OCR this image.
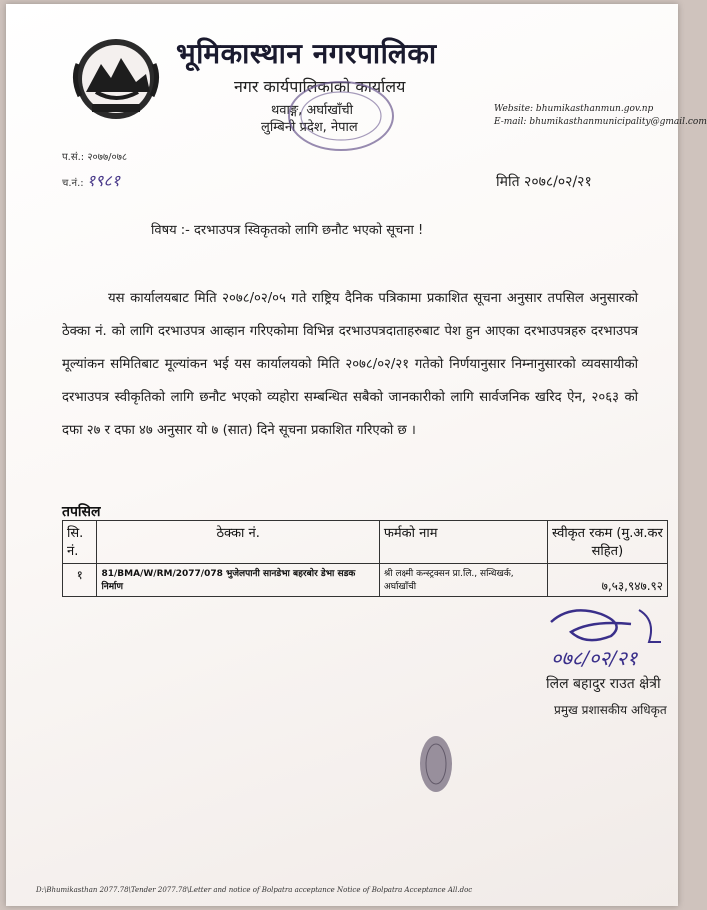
भूमिकास्थान नगरपालिका
नगर कार्यपालिकाको कार्यालय
थवाङ्ग, अर्घाखाँची
लुम्बिनी प्रदेश, नेपाल
Website: bhumikasthanmun.gov.np
E-mail: bhumikasthanmunicipality@gmail.com
प.सं.: २०७७/०७८
च.नं.: १९८१	मिति २०७८/०२/२१
विषय :- दरभाउपत्र स्विकृतको लागि छनौट भएको सूचना !
यस कार्यालयबाट मिति २०७८/०२/०५ गते राष्ट्रिय दैनिक पत्रिकामा प्रकाशित सूचना अनुसार तपसिल अनुसारको ठेक्का नं. को लागि दरभाउपत्र आव्हान गरिएकोमा विभिन्न दरभाउपत्रदाताहरुबाट पेश हुन आएका दरभाउपत्रहरु दरभाउपत्र मूल्यांकन समितिबाट मूल्यांकन भई यस कार्यालयको मिति २०७८/०२/२१ गतेको निर्णयानुसार निम्नानुसारको व्यवसायीको दरभाउपत्र स्वीकृतिको लागि छनौट भएको व्यहोरा सम्बन्धित सबैको जानकारीको लागि सार्वजनिक खरिद ऐन, २०६३ को दफा २७ र दफा ४७ अनुसार यो ७ (सात) दिने सूचना प्रकाशित गरिएको छ ।
तपसिल
सि. नं.	ठेक्का नं.	फर्मको नाम	स्वीकृत रकम (मु.अ.कर सहित)
१	81/BMA/W/RM/2077/078 भुजेलपानी सानडेभा बहरबोर डेभा सडक निर्माण	श्री लक्ष्मी कन्स्ट्रक्सन प्रा.लि., सन्धिखर्क, अर्घाखाँची	७,५३,९४७.९२
०७८/०२/२१
लिल बहादुर राउत क्षेत्री
प्रमुख प्रशासकीय अधिकृत
D:\Bhumikasthan 2077.78\Tender 2077.78\Letter and notice of Bolpatra acceptance Notice of Bolpatra Acceptance All.doc
